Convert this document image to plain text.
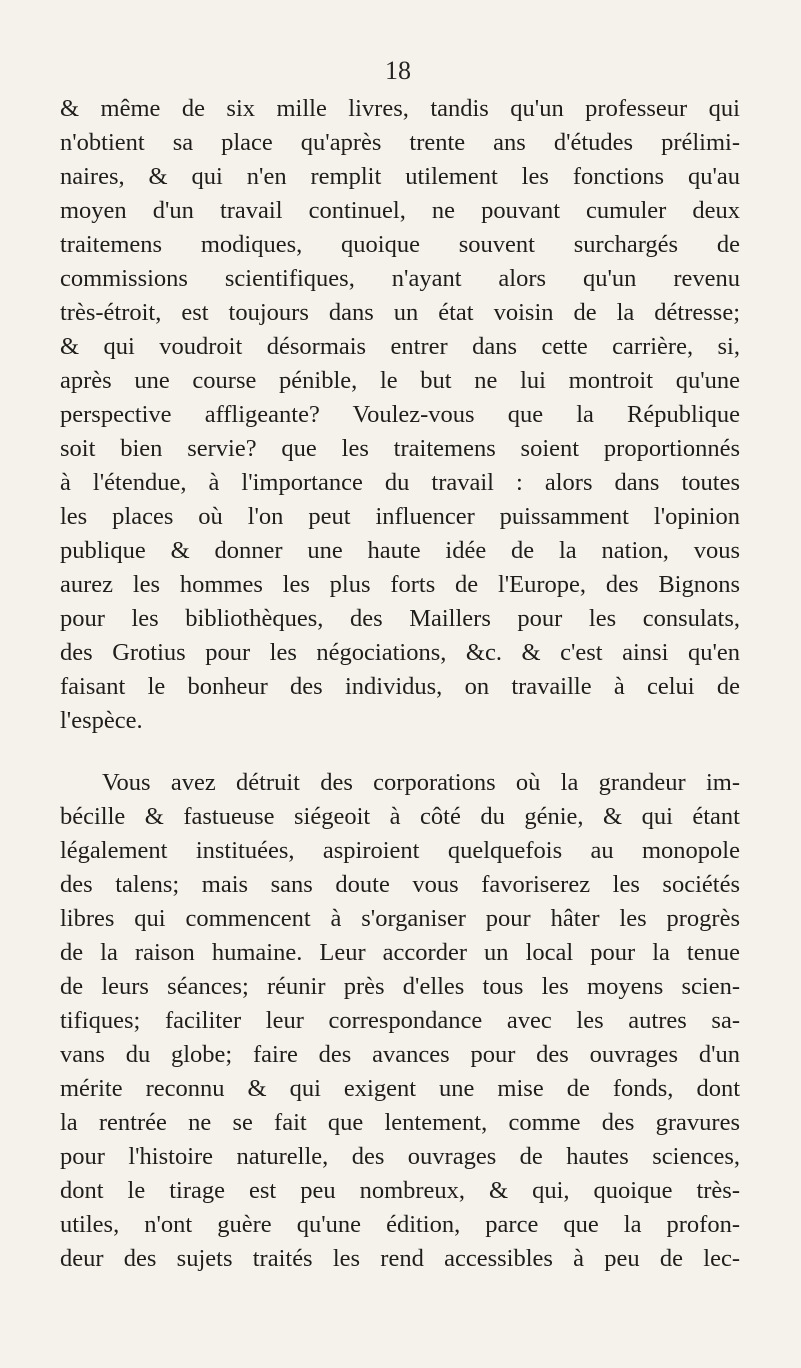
18
& même de six mille livres, tandis qu'un professeur qui
n'obtient sa place qu'après trente ans d'études prélimi-
naires, & qui n'en remplit utilement les fonctions qu'au
moyen d'un travail continuel, ne pouvant cumuler deux
traitemens modiques, quoique souvent surchargés de
commissions scientifiques, n'ayant alors qu'un revenu
très-étroit, est toujours dans un état voisin de la détresse;
& qui voudroit désormais entrer dans cette carrière, si,
après une course pénible, le but ne lui montroit qu'une
perspective affligeante? Voulez-vous que la République
soit bien servie? que les traitemens soient proportionnés
à l'étendue, à l'importance du travail : alors dans toutes
les places où l'on peut influencer puissamment l'opinion
publique & donner une haute idée de la nation, vous
aurez les hommes les plus forts de l'Europe, des Bignons
pour les bibliothèques, des Maillers pour les consulats,
des Grotius pour les négociations, &c. & c'est ainsi qu'en
faisant le bonheur des individus, on travaille à celui de
l'espèce.
Vous avez détruit des corporations où la grandeur im-
bécille & fastueuse siégeoit à côté du génie, & qui étant
légalement instituées, aspiroient quelquefois au monopole
des talens; mais sans doute vous favoriserez les sociétés
libres qui commencent à s'organiser pour hâter les progrès
de la raison humaine. Leur accorder un local pour la tenue
de leurs séances; réunir près d'elles tous les moyens scien-
tifiques; faciliter leur correspondance avec les autres sa-
vans du globe; faire des avances pour des ouvrages d'un
mérite reconnu & qui exigent une mise de fonds, dont
la rentrée ne se fait que lentement, comme des gravures
pour l'histoire naturelle, des ouvrages de hautes sciences,
dont le tirage est peu nombreux, & qui, quoique très-
utiles, n'ont guère qu'une édition, parce que la profon-
deur des sujets traités les rend accessibles à peu de lec-
